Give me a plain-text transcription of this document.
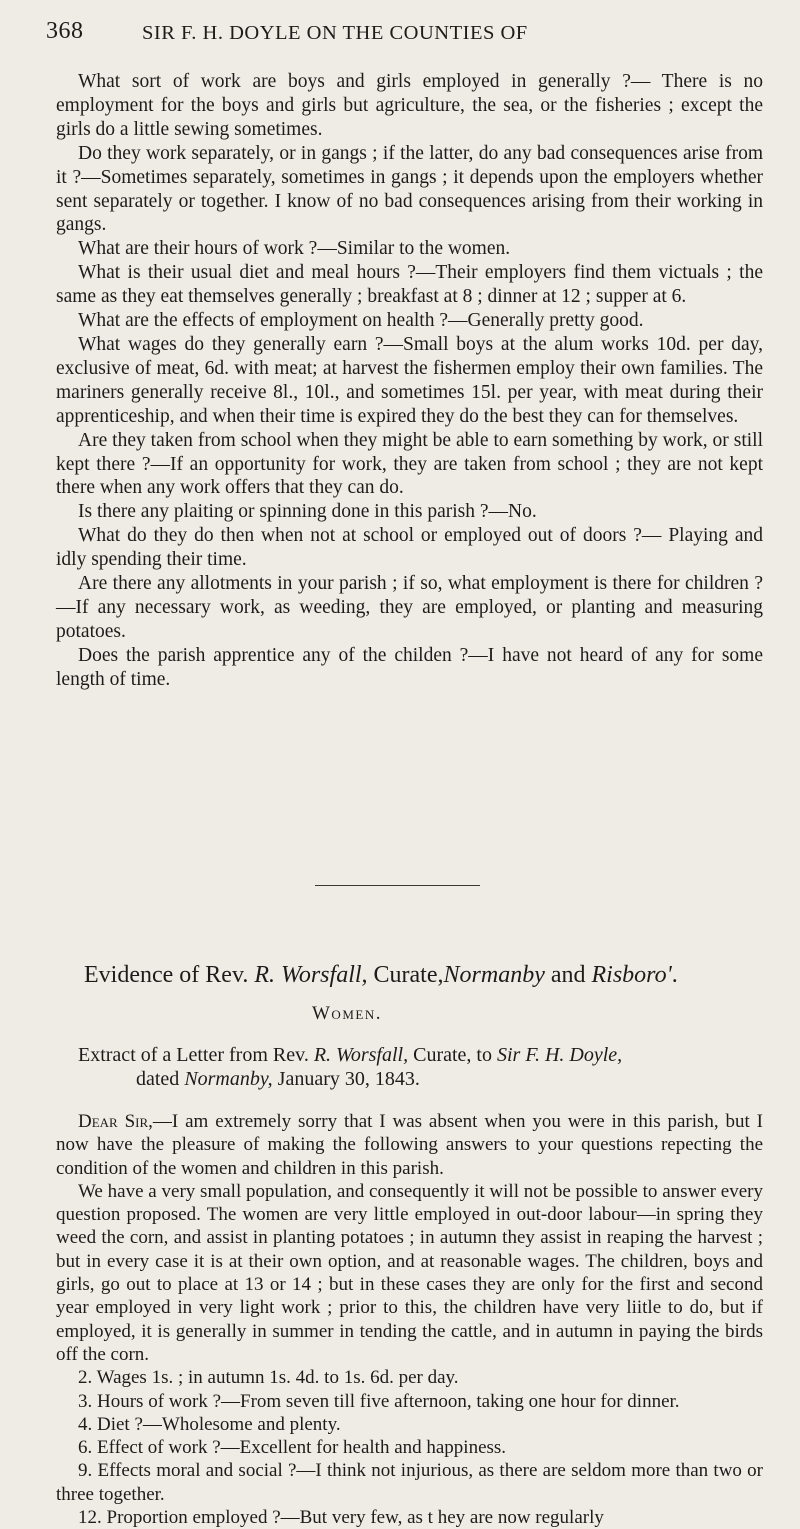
368	SIR F. H. DOYLE ON THE COUNTIES OF

What sort of work are boys and girls employed in generally ?— There is no employment for the boys and girls but agriculture, the sea, or the fisheries ; except the girls do a little sewing sometimes.

Do they work separately, or in gangs ; if the latter, do any bad consequences arise from it ?—Sometimes separately, sometimes in gangs ; it depends upon the employers whether sent separately or together. I know of no bad consequences arising from their working in gangs.

What are their hours of work ?—Similar to the women.

What is their usual diet and meal hours ?—Their employers find them victuals ; the same as they eat themselves generally ; breakfast at 8 ; dinner at 12 ; supper at 6.

What are the effects of employment on health ?—Generally pretty good.

What wages do they generally earn ?—Small boys at the alum works 10d. per day, exclusive of meat, 6d. with meat; at harvest the fishermen employ their own families. The mariners generally receive 8l., 10l., and sometimes 15l. per year, with meat during their apprenticeship, and when their time is expired they do the best they can for themselves.

Are they taken from school when they might be able to earn something by work, or still kept there ?—If an opportunity for work, they are taken from school ; they are not kept there when any work offers that they can do.

Is there any plaiting or spinning done in this parish ?—No.

What do they do then when not at school or employed out of doors ?— Playing and idly spending their time.

Are there any allotments in your parish ; if so, what employment is there for children ?—If any necessary work, as weeding, they are employed, or planting and measuring potatoes.

Does the parish apprentice any of the childen ?—I have not heard of any for some length of time.

Evidence of Rev. R. Worsfall, Curate,Normanby and Risboro'.
Women.
Extract of a Letter from Rev. R. Worsfall, Curate, to Sir F. H. Doyle,
dated Normanby, January 30, 1843.

Dear Sir,—I am extremely sorry that I was absent when you were in this parish, but I now have the pleasure of making the following answers to your questions repecting the condition of the women and children in this parish.

We have a very small population, and consequently it will not be possible to answer every question proposed. The women are very little employed in out-door labour—in spring they weed the corn, and assist in planting potatoes ; in autumn they assist in reaping the harvest ; but in every case it is at their own option, and at reasonable wages. The children, boys and girls, go out to place at 13 or 14 ; but in these cases they are only for the first and second year employed in very light work ; prior to this, the children have very liitle to do, but if employed, it is generally in summer in tending the cattle, and in autumn in paying the birds off the corn.

2. Wages 1s. ; in autumn 1s. 4d. to 1s. 6d. per day.

3. Hours of work ?—From seven till five afternoon, taking one hour for dinner.

4. Diet ?—Wholesome and plenty.

6. Effect of work ?—Excellent for health and happiness.

9. Effects moral and social ?—I think not injurious, as there are seldom more than two or three together.

12. Proportion employed ?—But very few, as t hey are now regularly
